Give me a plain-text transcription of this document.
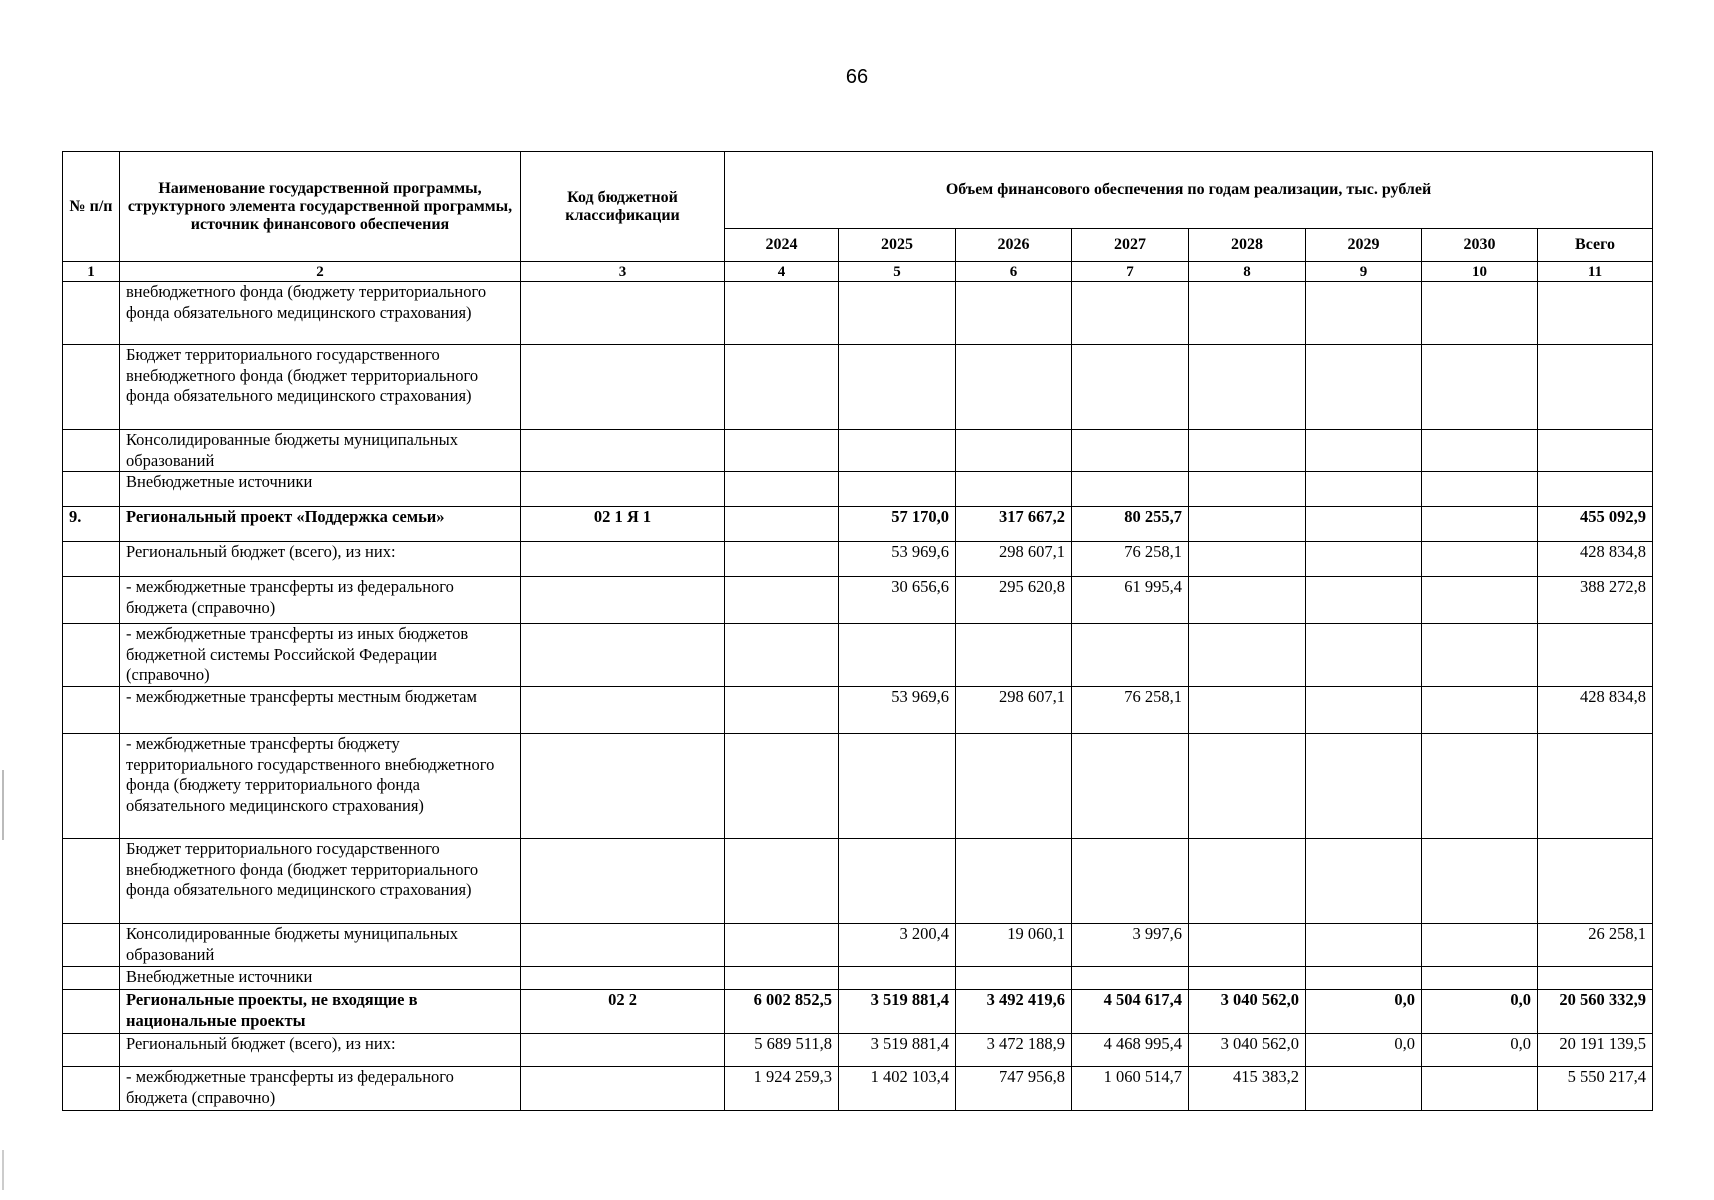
66
№ п/п	Наименование государственной программы, структурного элемента государственной программы, источник финансового обеспечения	Код бюджетной классификации	Объем финансового обеспечения по годам реализации, тыс. рублей							
			2024	2025	2026	2027	2028	2029	2030	Всего
1	2	3	4	5	6	7	8	9	10	11
	внебюджетного фонда (бюджету территориального фонда обязательного медицинского страхования)									
	Бюджет территориального государственного внебюджетного фонда (бюджет территориального фонда обязательного медицинского страхования)									
	Консолидированные бюджеты муниципальных образований									
	Внебюджетные источники									
9.	Региональный проект «Поддержка семьи»	02 1 Я 1		57 170,0	317 667,2	80 255,7				455 092,9
	Региональный бюджет (всего), из них:			53 969,6	298 607,1	76 258,1				428 834,8
	- межбюджетные трансферты из федерального бюджета (справочно)			30 656,6	295 620,8	61 995,4				388 272,8
	- межбюджетные трансферты из иных бюджетов бюджетной системы Российской Федерации (справочно)									
	- межбюджетные трансферты местным бюджетам			53 969,6	298 607,1	76 258,1				428 834,8
	- межбюджетные трансферты бюджету территориального государственного внебюджетного фонда (бюджету территориального фонда обязательного медицинского страхования)									
	Бюджет территориального государственного внебюджетного фонда (бюджет территориального фонда обязательного медицинского страхования)									
	Консолидированные бюджеты муниципальных образований			3 200,4	19 060,1	3 997,6				26 258,1
	Внебюджетные источники									
	Региональные проекты, не входящие в национальные проекты	02 2	6 002 852,5	3 519 881,4	3 492 419,6	4 504 617,4	3 040 562,0	0,0	0,0	20 560 332,9
	Региональный бюджет (всего), из них:		5 689 511,8	3 519 881,4	3 472 188,9	4 468 995,4	3 040 562,0	0,0	0,0	20 191 139,5
	- межбюджетные трансферты из федерального бюджета (справочно)		1 924 259,3	1 402 103,4	747 956,8	1 060 514,7	415 383,2			5 550 217,4
